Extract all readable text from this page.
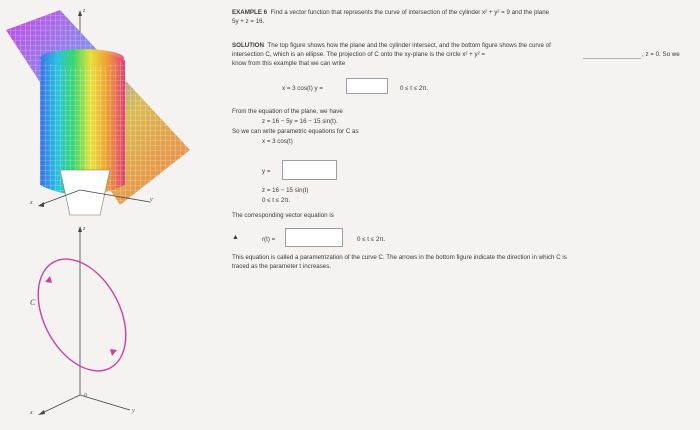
z
x	y
z
C
0
x	y
EXAMPLE 6 Find a vector function that represents the curve of intersection of the cylinder x² + y² = 9 and the plane
5y + z = 16.
SOLUTION The top figure shows how the plane and the cylinder intersect, and the bottom figure shows the curve of
intersection C, which is an ellipse. The projection of C onto the xy-plane is the circle x² + y² =	, z = 0. So we
know from this example that we can write
x = 3 cos(t) y =	0 ≤ t ≤ 2π.
From the equation of the plane, we have
z = 16 − 5y = 16 − 15 sin(t).
So we can write parametric equations for C as
x = 3 cos(t)
y =
z = 16 − 15 sin(t)
0 ≤ t ≤ 2π.
The corresponding vector equation is
▲	r(t) =	0 ≤ t ≤ 2π.
This equation is called a parametrization of the curve C. The arrows in the bottom figure indicate the direction in which C is
traced as the parameter t increases.
